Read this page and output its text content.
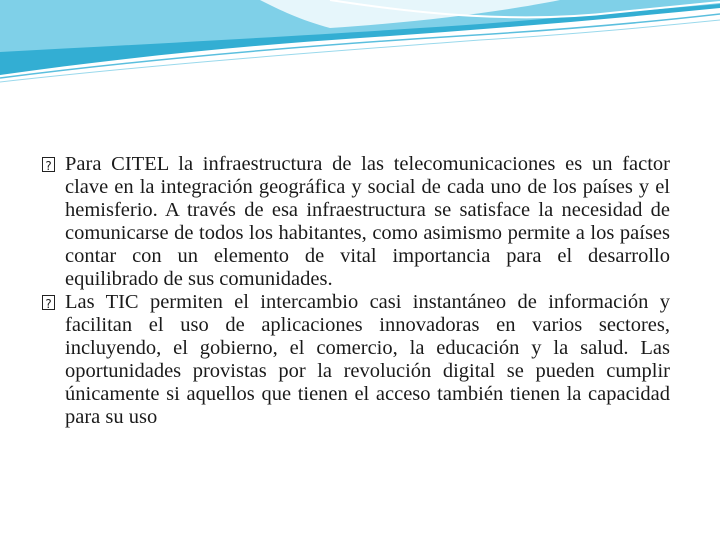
?
Para CITEL la infraestructura de las telecomunicaciones es un factor clave en la integración geográfica y social de cada uno de los países y el hemisferio. A través de esa infraestructura se satisface la necesidad de comunicarse de todos los habitantes, como asimismo permite a los países contar con un elemento de vital importancia para el desarrollo equilibrado de sus comunidades.

?
Las TIC permiten el intercambio casi instantáneo de información y facilitan el uso de aplicaciones innovadoras en varios sectores, incluyendo, el gobierno, el comercio, la educación y la salud. Las oportunidades provistas por la revolución digital se pueden cumplir únicamente si aquellos que tienen el acceso también tienen la capacidad para su uso
